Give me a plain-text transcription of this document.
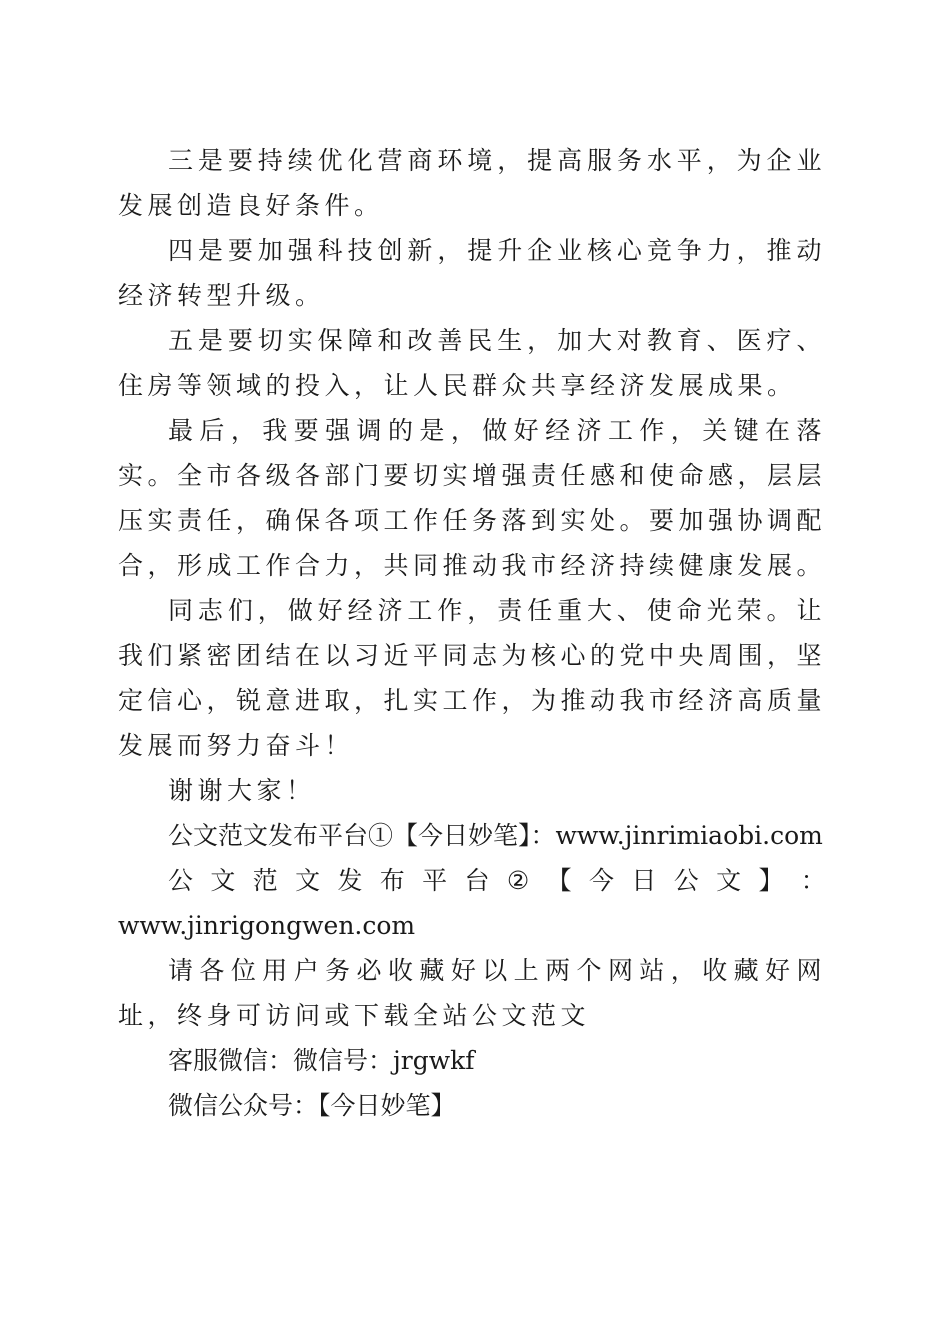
三是要持续优化营商环境，提高服务水平，为企业发展创造良好条件。

四是要加强科技创新，提升企业核心竞争力，推动经济转型升级。

五是要切实保障和改善民生，加大对教育、医疗、住房等领域的投入，让人民群众共享经济发展成果。

最后，我要强调的是，做好经济工作，关键在落实。全市各级各部门要切实增强责任感和使命感，层层压实责任，确保各项工作任务落到实处。要加强协调配合，形成工作合力，共同推动我市经济持续健康发展。

同志们，做好经济工作，责任重大、使命光荣。让我们紧密团结在以习近平同志为核心的党中央周围，坚定信心，锐意进取，扎实工作，为推动我市经济高质量发展而努力奋斗！

谢谢大家！

公文范文发布平台①【今日妙笔】：www.jinrimiaobi.com

公 文 范 文 发 布 平 台 ② 【 今 日 公 文 】 ：

www.jinrigongwen.com

请各位用户务必收藏好以上两个网站，收藏好网址，终身可访问或下载全站公文范文

客服微信：微信号：jrgwkf

微信公众号：【今日妙笔】
